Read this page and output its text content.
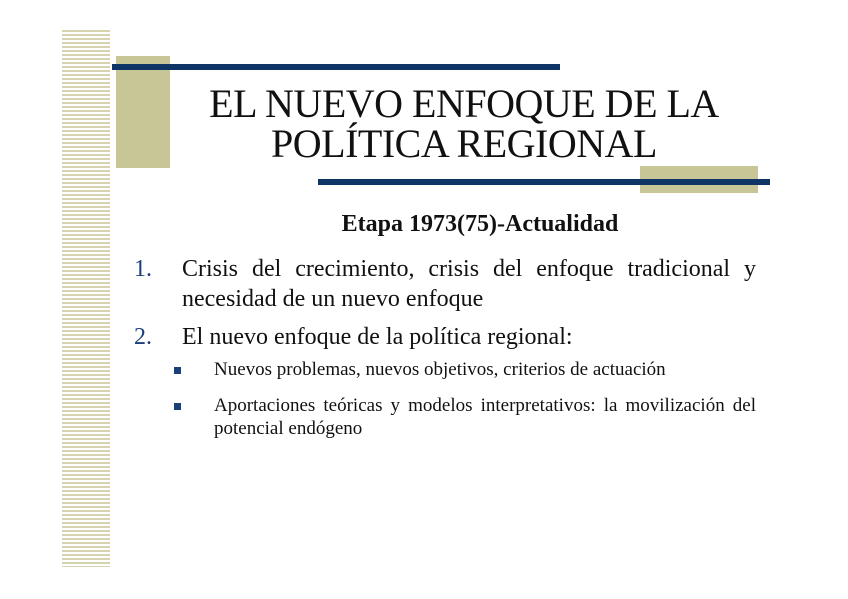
EL NUEVO ENFOQUE DE LA
POLÍTICA REGIONAL
Etapa 1973(75)-Actualidad
1. Crisis del crecimiento, crisis del enfoque tradicional y necesidad de un nuevo enfoque
2. El nuevo enfoque de la política regional:
Nuevos problemas, nuevos objetivos, criterios de actuación
Aportaciones teóricas y modelos interpretativos: la movilización del potencial endógeno
